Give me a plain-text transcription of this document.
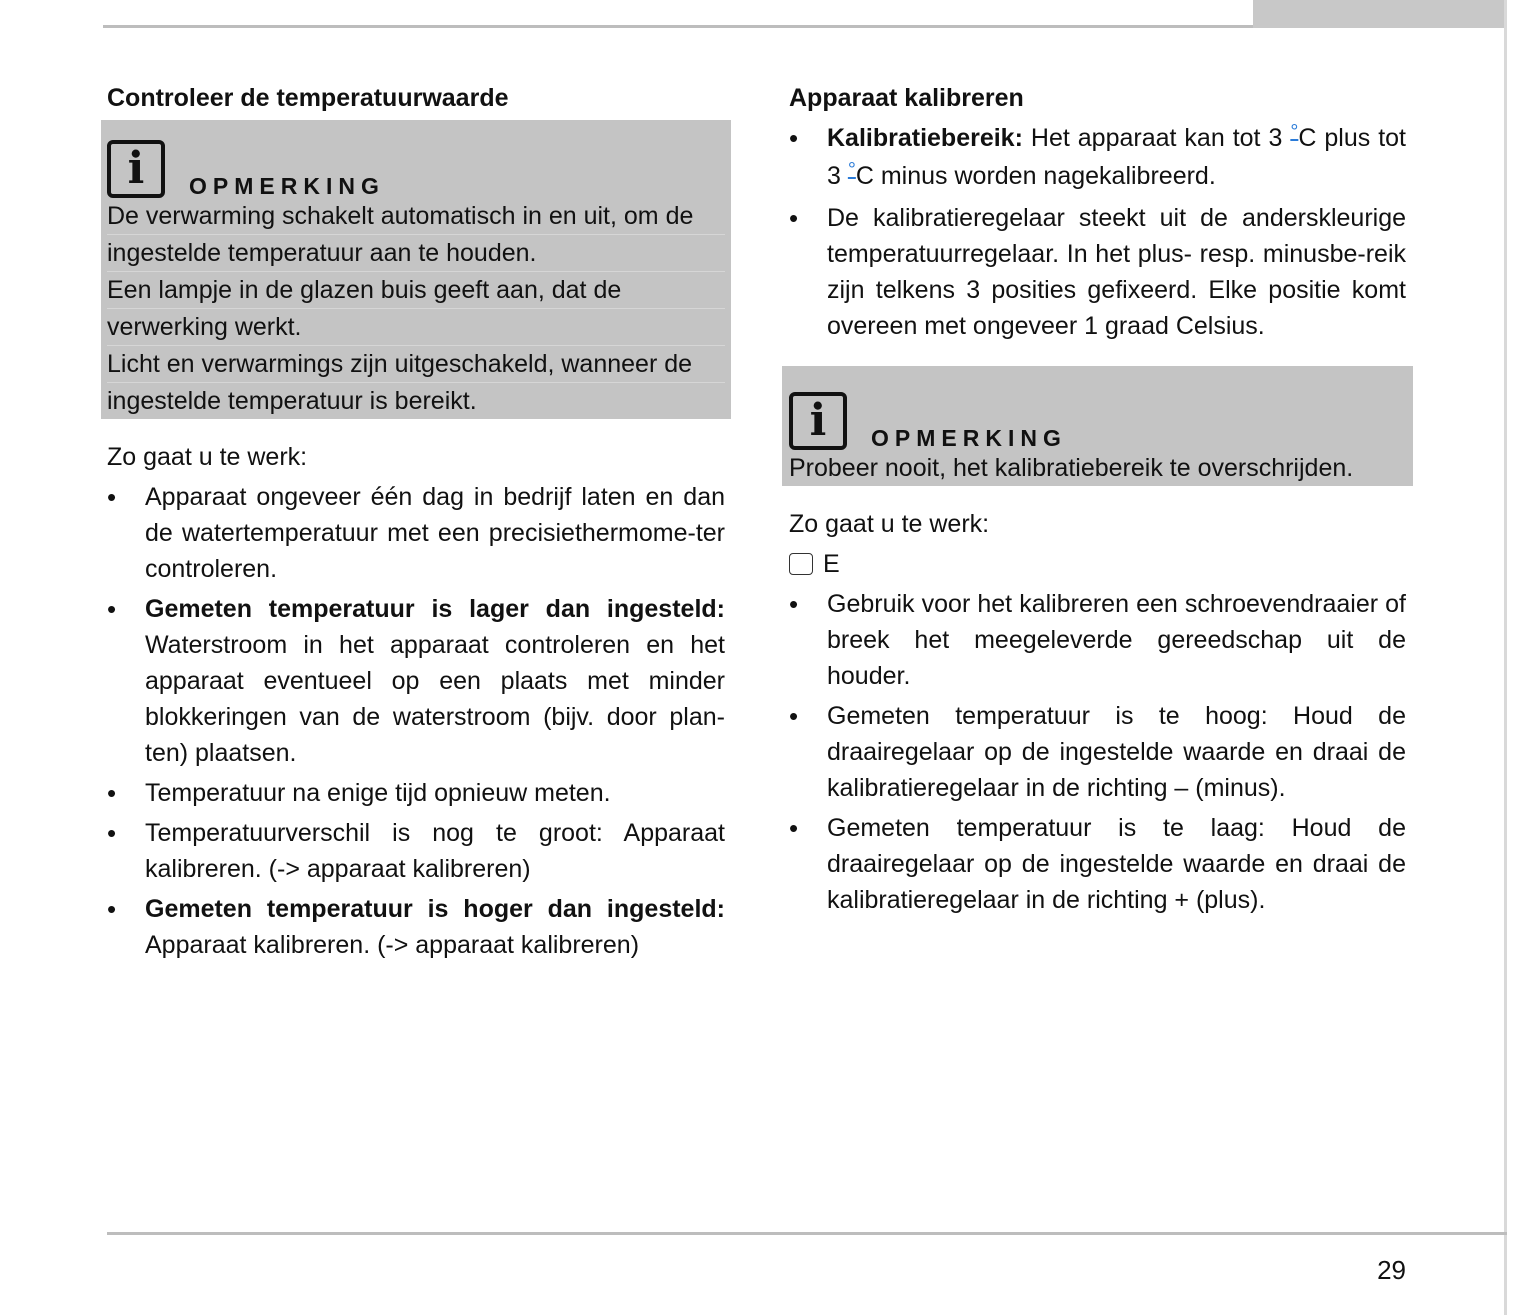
Controleer de temperatuurwaarde
i	OPMERKING
De verwarming schakelt automatisch in en uit, om de
ingestelde temperatuur aan te houden.
Een lampje in de glazen buis geeft aan, dat de
verwerking werkt.
Licht en verwarmings zijn uitgeschakeld, wanneer de
ingestelde temperatuur is bereikt.
Zo gaat u te werk:
• Apparaat ongeveer één dag in bedrijf laten en dan de watertemperatuur met een precisiethermome-ter controleren.
• Gemeten temperatuur is lager dan ingesteld: Waterstroom in het apparaat controleren en het apparaat eventueel op een plaats met minder blokkeringen van de waterstroom (bijv. door plan-ten) plaatsen.
• Temperatuur na enige tijd opnieuw meten.
• Temperatuurverschil is nog te groot: Apparaat kalibreren. (-> apparaat kalibreren)
• Gemeten temperatuur is hoger dan ingesteld: Apparaat kalibreren. (-> apparaat kalibreren)
Apparaat kalibreren
• Kalibratiebereik: Het apparaat kan tot 3 °C plus tot 3 °C minus worden nagekalibreerd.
• De kalibratieregelaar steekt uit de anderskleurige temperatuurregelaar. In het plus- resp. minusbe-reik zijn telkens 3 posities gefixeerd. Elke positie komt overeen met ongeveer 1 graad Celsius.
i	OPMERKING
Probeer nooit, het kalibratiebereik te overschrijden.
Zo gaat u te werk:
E
• Gebruik voor het kalibreren een schroevendraaier of breek het meegeleverde gereedschap uit de houder.
• Gemeten temperatuur is te hoog: Houd de draairegelaar op de ingestelde waarde en draai de kalibratieregelaar in de richting – (minus).
• Gemeten temperatuur is te laag: Houd de draairegelaar op de ingestelde waarde en draai de kalibratieregelaar in de richting + (plus).
29
